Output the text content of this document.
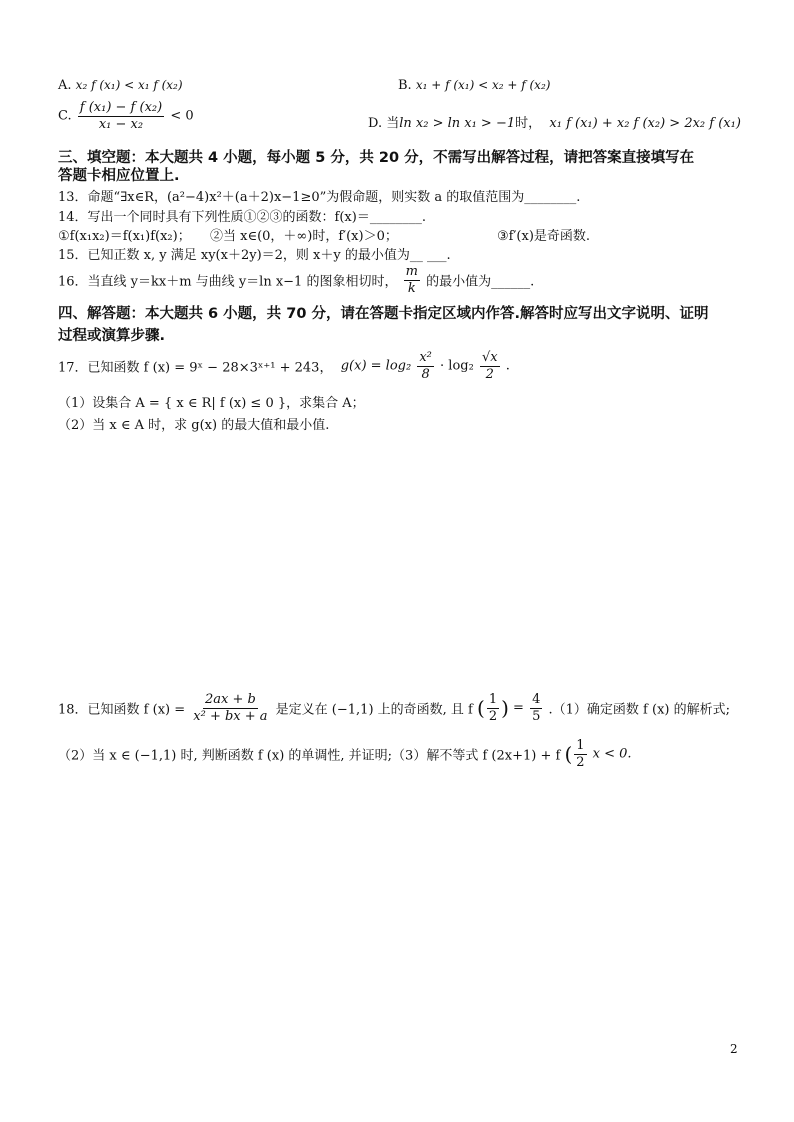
A. x₂ f (x₁) < x₁ f (x₂)	B. x₁ + f (x₁) < x₂ + f (x₂)
C. $\frac{\text{f (x₁) − f (x₂)}}{\text{x₁ − x₂}} < 0$	D. 当ln x₂ > ln x₁ > −1时， x₁ f (x₁) + x₂ f (x₂) > 2x₂ f (x₁)
三、填空题：本大题共 4 小题，每小题 5 分，共 20 分，不需写出解答过程，请把答案直接填写在
答题卡相应位置上.
13．命题“∃x∈R，(a²−4)x²＋(a＋2)x−1≥0”为假命题，则实数 a 的取值范围为________.
14．写出一个同时具有下列性质①②③的函数：f(x)＝________.
①f(x₁x₂)＝f(x₁)f(x₂)； ②当 x∈(0，＋∞)时，f′(x)＞0；	③f′(x)是奇函数.
15．已知正数 x, y 满足 xy(x＋2y)＝2，则 x＋y 的最小值为__ ___.
16．当直线 y＝kx＋m 与曲线 y＝ln x−1 的图象相切时， $\frac{m}{k}$ 的最小值为______.
四、解答题：本大题共 6 小题，共 70 分，请在答题卡指定区域内作答.解答时应写出文字说明、证明
过程或演算步骤.
17．已知函数 f (x) = 9ˣ − 28×3ˣ⁺¹ + 243， $g(x) = \log_2 \frac{\text{x²}}{8} \cdot \log_2 \frac{√x}{2}$ .
（1）设集合 A = { x ∈ R| f (x) ≤ 0 }，求集合 A；
（2）当 x ∈ A 时，求 g(x) 的最大值和最小值.
18．已知函数 f $(x) = \frac{2ax + b}{\text{x² + bx + a}}$ 是定义在 (−1,1) 上的奇函数, 且 f ( $\frac{1}{2}$ ) = $\frac{4}{5} .(1)$确定函数 f (x) 的解析式;
（2）当 x ∈ (−1,1) 时, 判断函数 f (x) 的单调性, 并证明;（3）解不等式 f (2x+1) + f ( $\frac{1}{2}$ x < 0.
2
